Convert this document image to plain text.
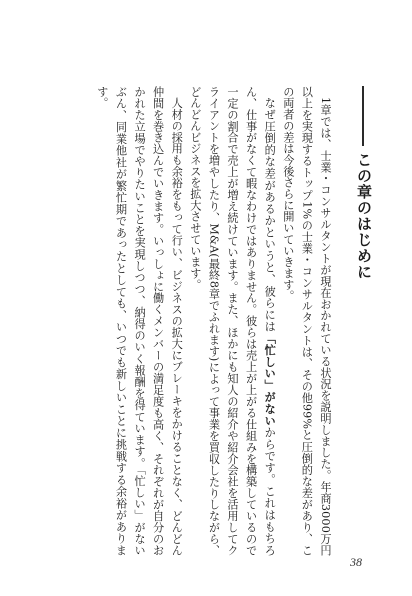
この章のはじめに

1章では、士業・コンサルタントが現在おかれている状況を説明しました。年商3000万円以上を実現するトップ1%の士業・コンサルタントは、その他99%と圧倒的な差があり、この両者の差は今後さらに開いていきます。

なぜ圧倒的な差があるかというと、彼らには「忙しい」がないからです。これはもちろん、仕事がなくて暇なわけではありません。彼らは売上が上がる仕組みを構築しているので一定の割合で売上が増え続けています。また、ほかにも知人の紹介や紹介会社を活用してクライアントを増やしたり、M&A(最終8章でふれます)によって事業を買収したりしながら、どんどんビジネスを拡大させています。

人材の採用も余裕をもって行い、ビジネスの拡大にブレーキをかけることなく、どんどん仲間を巻き込んでいきます。いっしょに働くメンバーの満足度も高く、それぞれが自分のおかれた立場でやりたいことを実現しつつ、納得のいく報酬を得ています。「忙しい」がないぶん、同業他社が繁忙期であったとしても、いつでも新しいことに挑戦する余裕があります。

38
